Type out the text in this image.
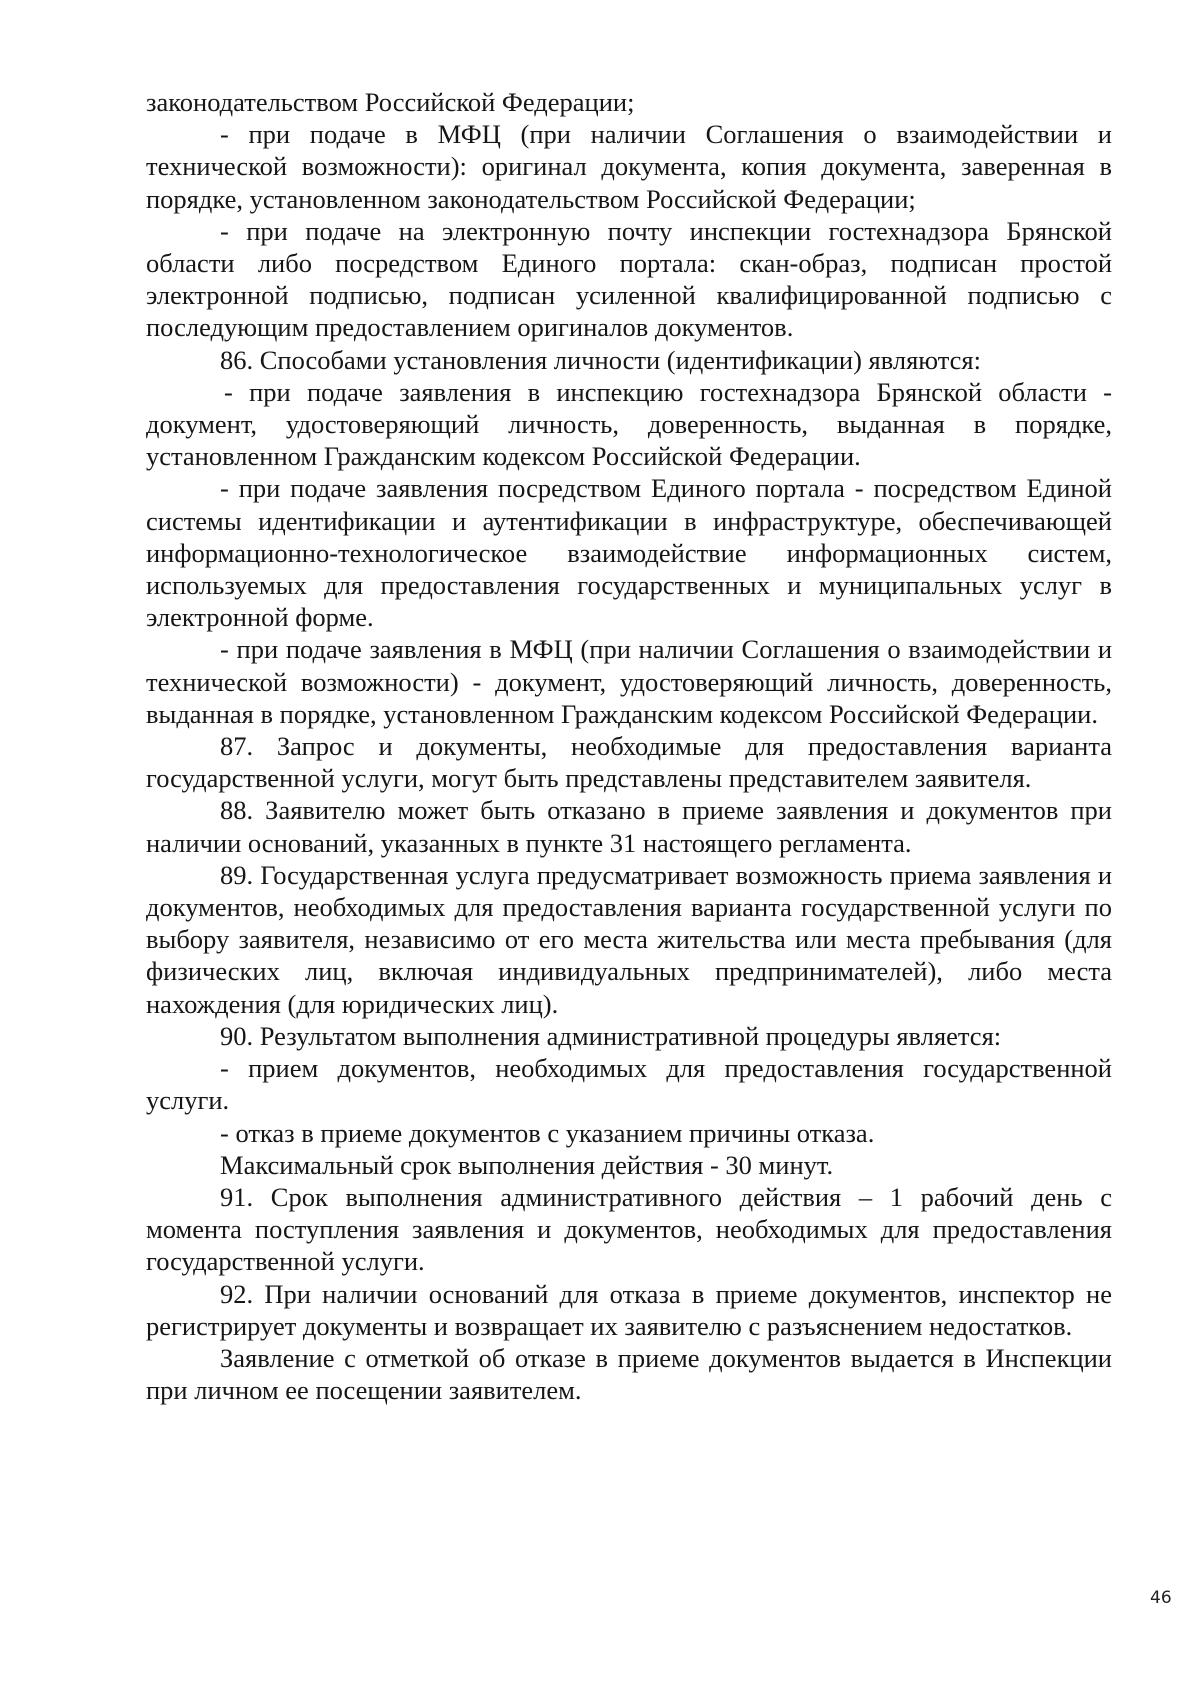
законодательством Российской Федерации;

- при подаче в МФЦ (при наличии Соглашения о взаимодействии и технической возможности): оригинал документа, копия документа, заверенная в порядке, установленном законодательством Российской Федерации;

- при подаче на электронную почту инспекции гостехнадзора Брянской области либо посредством Единого портала: скан-образ, подписан простой электронной подписью, подписан усиленной квалифицированной подписью с последующим предоставлением оригиналов документов.

86. Способами установления личности (идентификации) являются:

- при подаче заявления в инспекцию гостехнадзора Брянской области - документ, удостоверяющий личность, доверенность, выданная в порядке, установленном Гражданским кодексом Российской Федерации.

- при подаче заявления посредством Единого портала - посредством Единой системы идентификации и аутентификации в инфраструктуре, обеспечивающей информационно-технологическое взаимодействие информационных систем, используемых для предоставления государственных и муниципальных услуг в электронной форме.

- при подаче заявления в МФЦ (при наличии Соглашения о взаимодействии и технической возможности) - документ, удостоверяющий личность, доверенность, выданная в порядке, установленном Гражданским кодексом Российской Федерации.

87. Запрос и документы, необходимые для предоставления варианта государственной услуги, могут быть представлены представителем заявителя.

88. Заявителю может быть отказано в приеме заявления и документов при наличии оснований, указанных в пункте 31 настоящего регламента.

89. Государственная услуга предусматривает возможность приема заявления и документов, необходимых для предоставления варианта государственной услуги по выбору заявителя, независимо от его места жительства или места пребывания (для физических лиц, включая индивидуальных предпринимателей), либо места нахождения (для юридических лиц).

90. Результатом выполнения административной процедуры является:

- прием документов, необходимых для предоставления государственной услуги.

- отказ в приеме документов с указанием причины отказа.

Максимальный срок выполнения действия - 30 минут.

91. Срок выполнения административного действия – 1 рабочий день с момента поступления заявления и документов, необходимых для предоставления государственной услуги.

92. При наличии оснований для отказа в приеме документов, инспектор не регистрирует документы и возвращает их заявителю с разъяснением недостатков.

Заявление с отметкой об отказе в приеме документов выдается в Инспекции при личном ее посещении заявителем.

46
